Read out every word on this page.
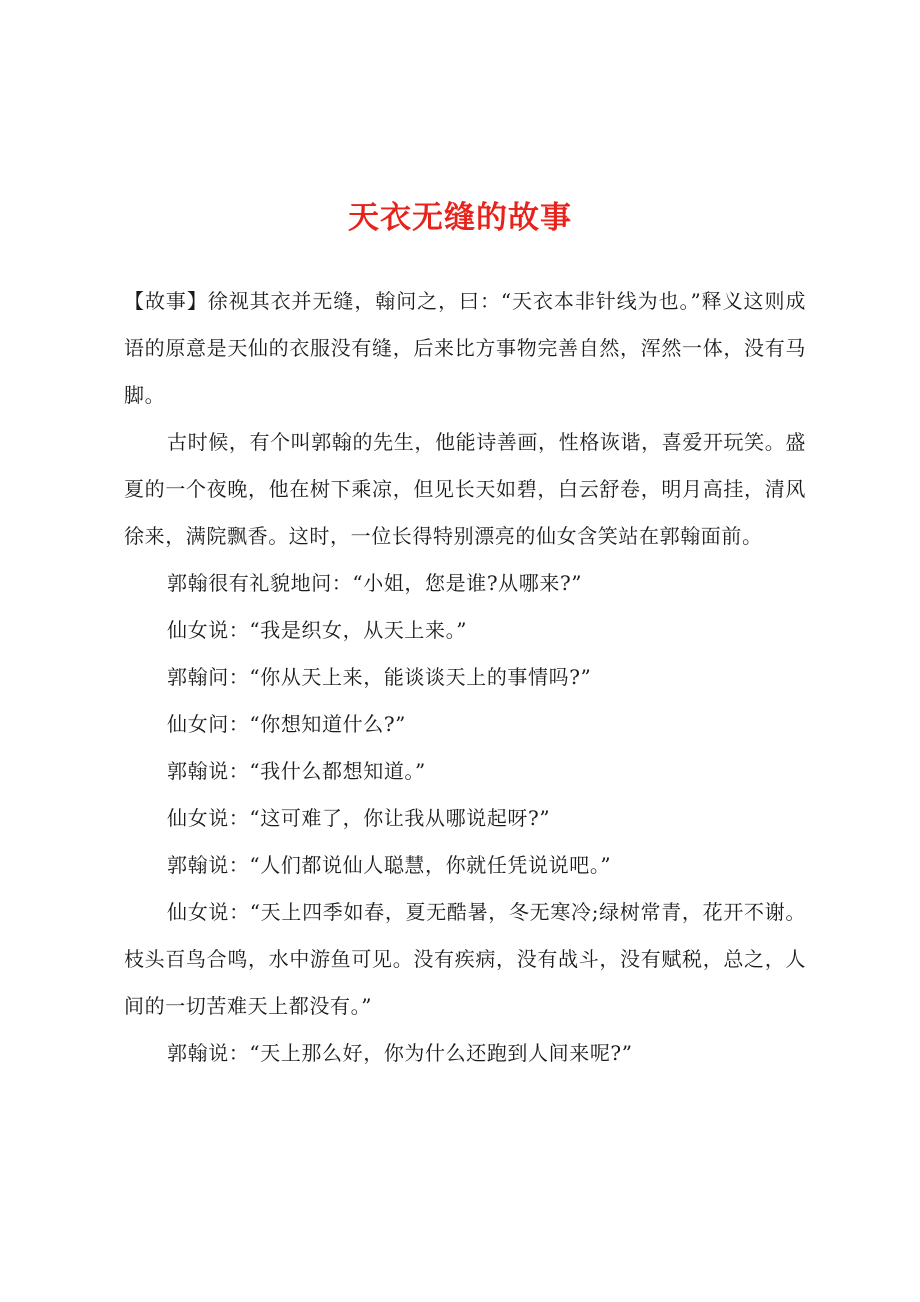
天衣无缝的故事

【故事】徐视其衣并无缝，翰问之，曰：“天衣本非针线为也。”释义这则成语的原意是天仙的衣服没有缝，后来比方事物完善自然，浑然一体，没有马脚。

古时候，有个叫郭翰的先生，他能诗善画，性格诙谐，喜爱开玩笑。盛夏的一个夜晚，他在树下乘凉，但见长天如碧，白云舒卷，明月高挂，清风徐来，满院飘香。这时，一位长得特别漂亮的仙女含笑站在郭翰面前。

郭翰很有礼貌地问：“小姐，您是谁?从哪来?”

仙女说：“我是织女，从天上来。”

郭翰问：“你从天上来，能谈谈天上的事情吗?”

仙女问：“你想知道什么?”

郭翰说：“我什么都想知道。”

仙女说：“这可难了，你让我从哪说起呀?”

郭翰说：“人们都说仙人聪慧，你就任凭说说吧。”

仙女说：“天上四季如春，夏无酷暑，冬无寒冷;绿树常青，花开不谢。枝头百鸟合鸣，水中游鱼可见。没有疾病，没有战斗，没有赋税，总之，人间的一切苦难天上都没有。”

郭翰说：“天上那么好，你为什么还跑到人间来呢?”
